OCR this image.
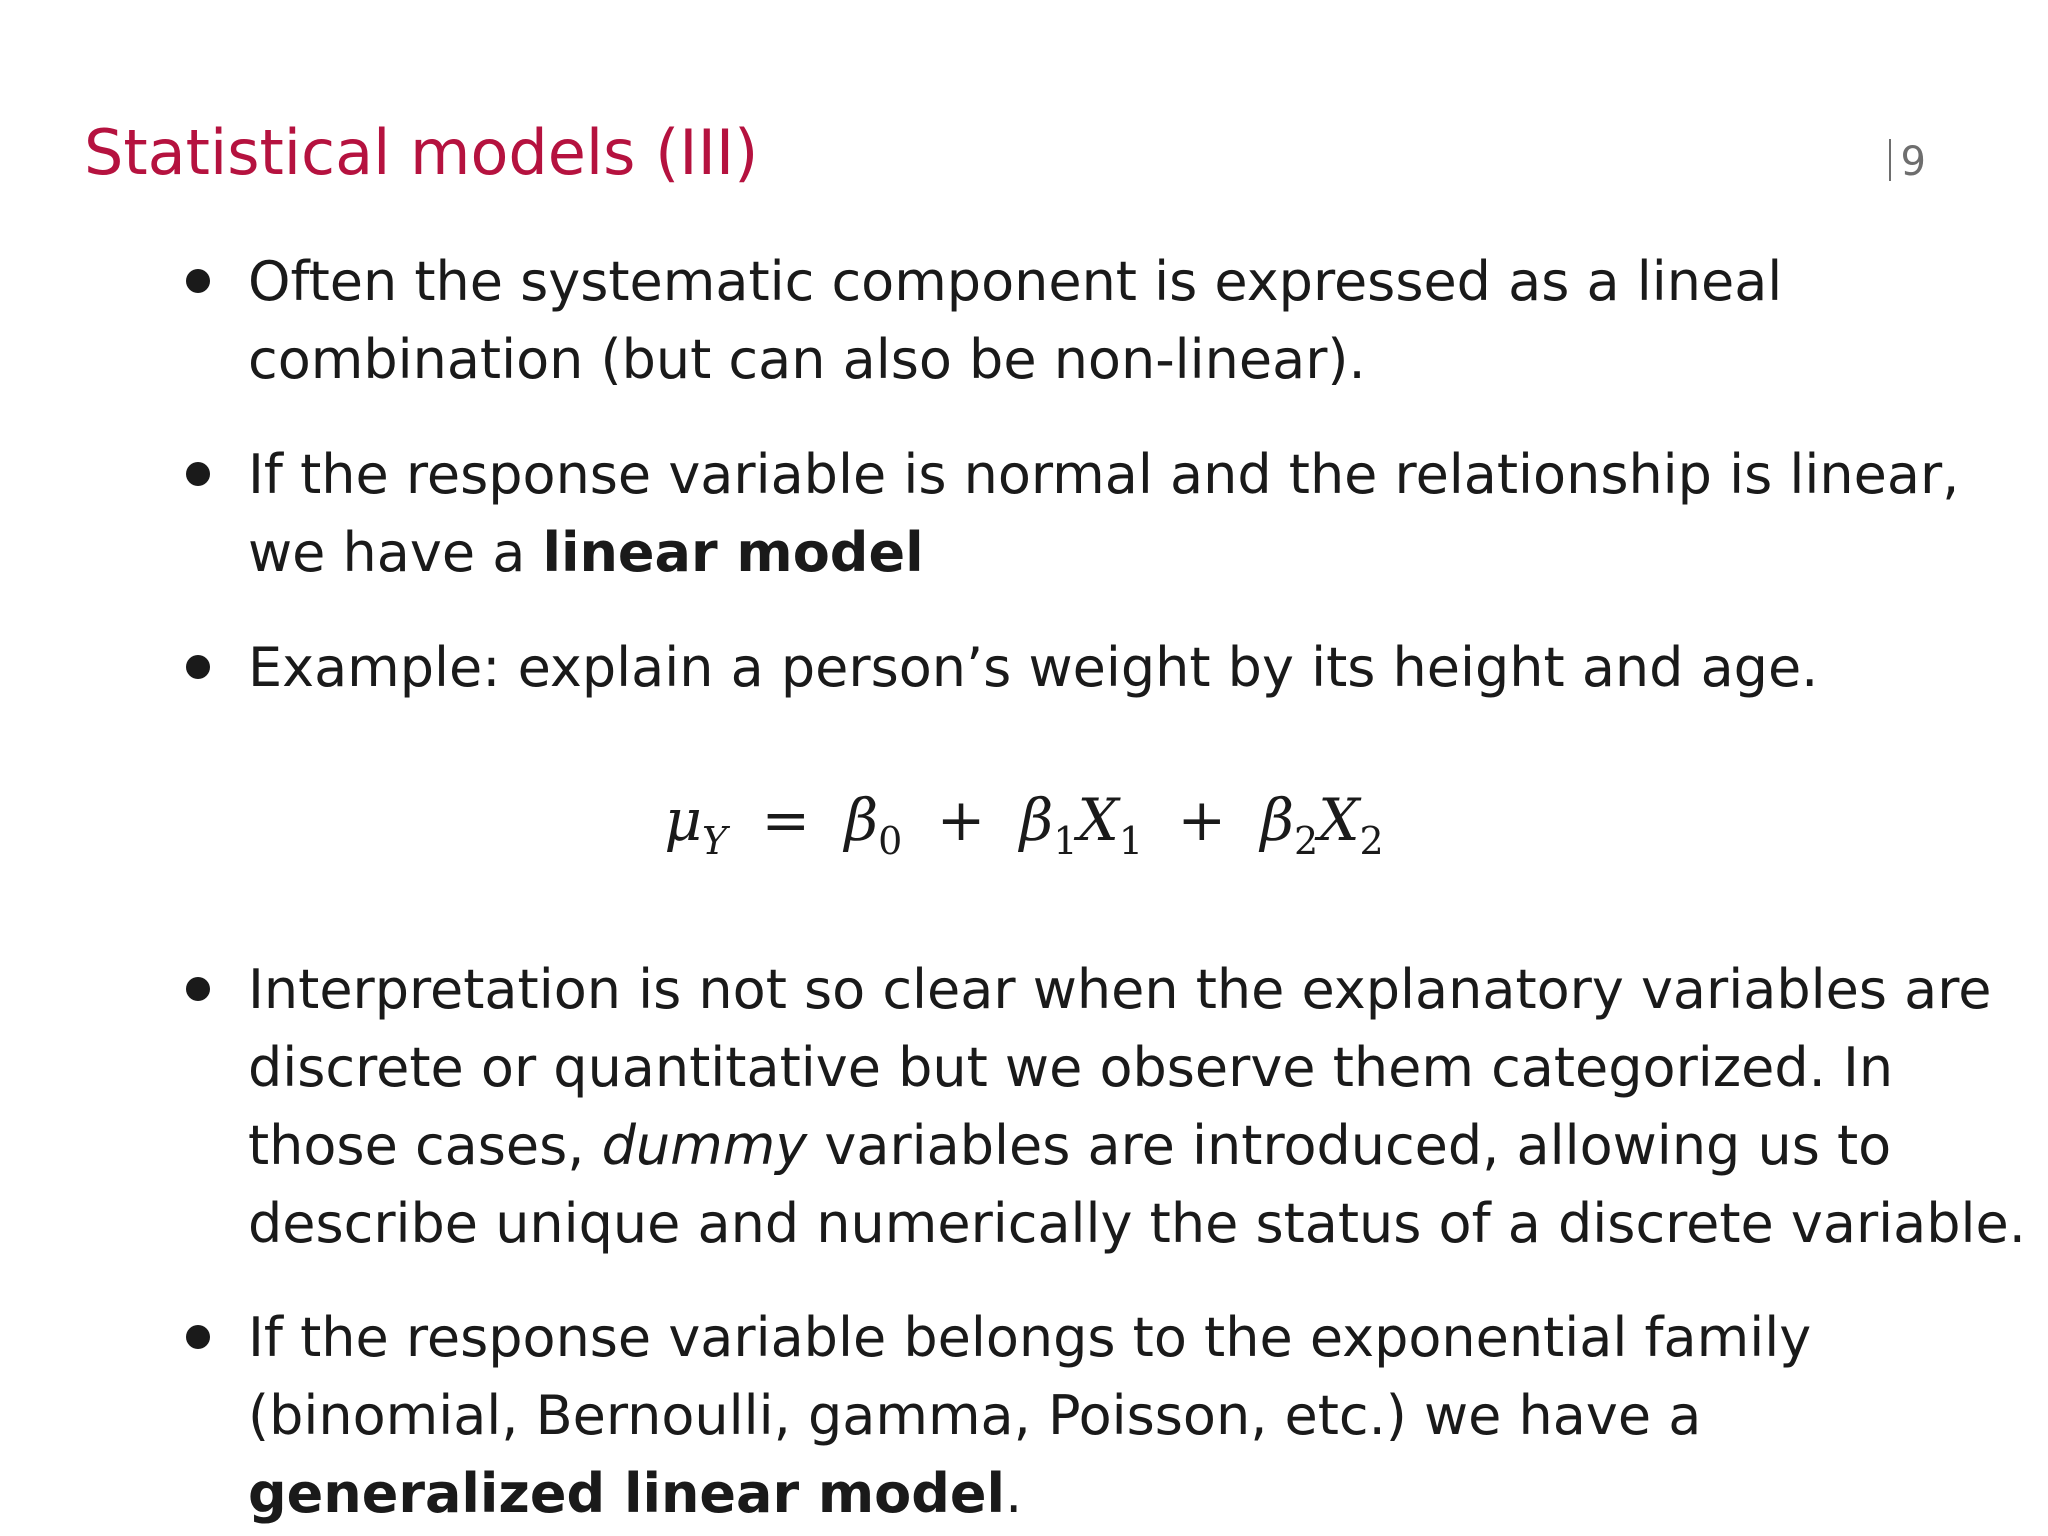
Statistical models (III)	9
Often the systematic component is expressed as a lineal
combination (but can also be non-linear).
If the response variable is normal and the relationship is linear,
we have a linear model
Example: explain a person’s weight by its height and age.
Interpretation is not so clear when the explanatory variables are
discrete or quantitative but we observe them categorized. In
those cases, dummy variables are introduced, allowing us to
describe unique and numerically the status of a discrete variable.
If the response variable belongs to the exponential family
(binomial, Bernoulli, gamma, Poisson, etc.) we have a
generalized linear model.
$\mu_Y = \beta_0 + \beta_1X_1 + \beta_2X_2$
